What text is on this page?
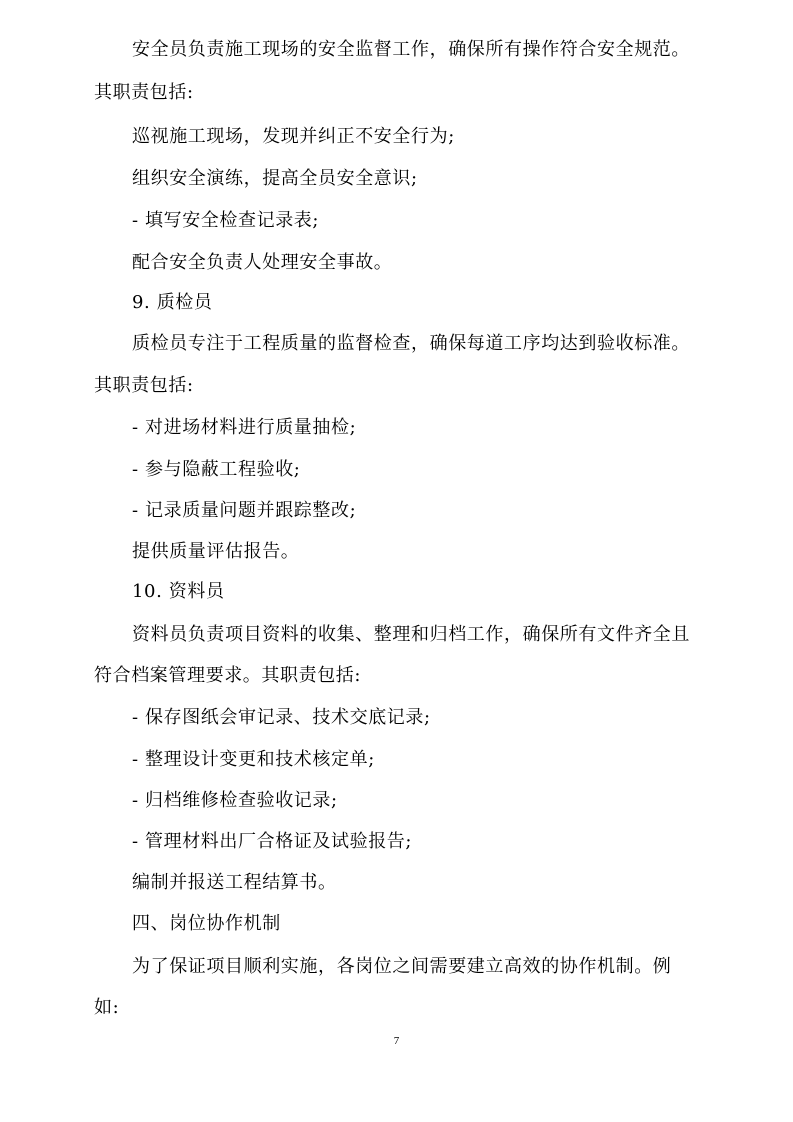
安全员负责施工现场的安全监督工作，确保所有操作符合安全规范。
其职责包括:
巡视施工现场，发现并纠正不安全行为;
组织安全演练，提高全员安全意识;
- 填写安全检查记录表;
配合安全负责人处理安全事故。
9. 质检员
质检员专注于工程质量的监督检查，确保每道工序均达到验收标准。
其职责包括:
- 对进场材料进行质量抽检;
- 参与隐蔽工程验收;
- 记录质量问题并跟踪整改;
提供质量评估报告。
10. 资料员
资料员负责项目资料的收集、整理和归档工作，确保所有文件齐全且
符合档案管理要求。其职责包括:
- 保存图纸会审记录、技术交底记录;
- 整理设计变更和技术核定单;
- 归档维修检查验收记录;
- 管理材料出厂合格证及试验报告;
编制并报送工程结算书。
四、岗位协作机制
为了保证项目顺利实施，各岗位之间需要建立高效的协作机制。例
如:
7
